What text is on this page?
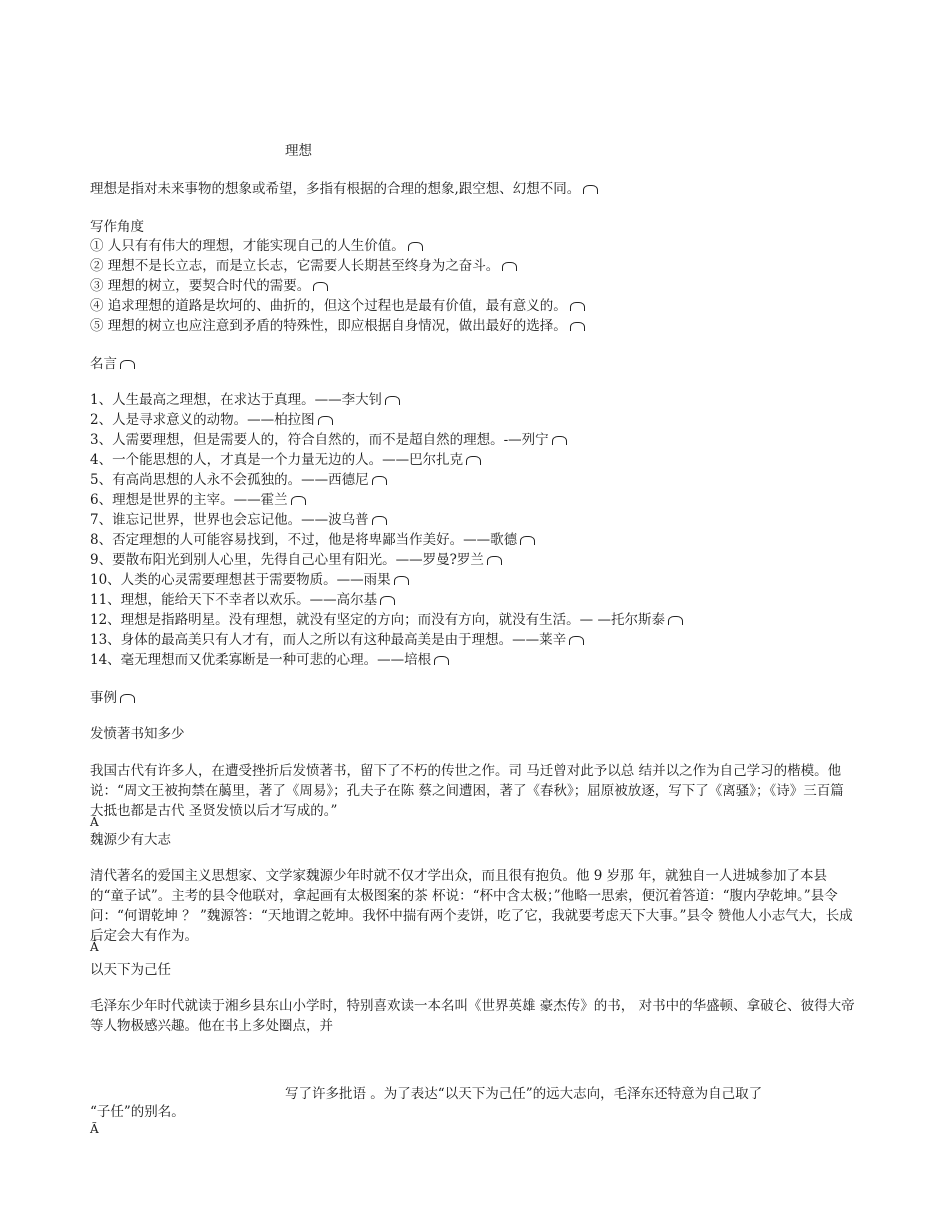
理想
理想是指对未来事物的想象或希望，多指有根据的合理的想象,跟空想、幻想不同。
写作角度
① 人只有有伟大的理想，才能实现自己的人生价值。
② 理想不是长立志，而是立长志，它需要人长期甚至终身为之奋斗。
③ 理想的树立，要契合时代的需要。
④ 追求理想的道路是坎坷的、曲折的，但这个过程也是最有价值，最有意义的。
⑤ 理想的树立也应注意到矛盾的特殊性，即应根据自身情况，做出最好的选择。
名言
1、人生最高之理想，在求达于真理。——李大钊
2、人是寻求意义的动物。——柏拉图
3、人需要理想，但是需要人的，符合自然的，而不是超自然的理想。-—列宁
4、一个能思想的人，才真是一个力量无边的人。——巴尔扎克
5、有高尚思想的人永不会孤独的。——西德尼
6、理想是世界的主宰。——霍兰
7、谁忘记世界，世界也会忘记他。——波乌普
8、否定理想的人可能容易找到，不过，他是将卑鄙当作美好。——歌德
9、要散布阳光到别人心里，先得自己心里有阳光。——罗曼?罗兰
10、人类的心灵需要理想甚于需要物质。——雨果
11、理想，能给天下不幸者以欢乐。——高尔基
12、理想是指路明星。没有理想，就没有坚定的方向；而没有方向，就没有生活。— —托尔斯泰
13、身体的最高美只有人才有，而人之所以有这种最高美是由于理想。——莱辛
14、毫无理想而又优柔寡断是一种可悲的心理。——培根
事例
发愤著书知多少
我国古代有许多人，在遭受挫折后发愤著书，留下了不朽的传世之作。司 马迁曾对此予以总 结并以之作为自己学习的楷模。他说：“周文王被拘禁在﨟里，著了《周易》；孔夫子在陈 蔡之间遭困，著了《春秋》；屈原被放逐，写下了《离骚》；《诗》三百篇大抵也都是古代 圣贤发愤以后才写成的。”
Ã
魏源少有大志
清代著名的爱国主义思想家、文学家魏源少年时就不仅才学出众，而且很有抱负。他 9 岁那 年，就独自一人进城参加了本县的“童子试”。主考的县令他联对，拿起画有太极图案的茶 杯说：“杯中含太极；”他略一思索，便沉着答道：“腹内孕乾坤。”县令问：“何谓乾坤 ？ ”魏源答：“天地谓之乾坤。我怀中揣有两个麦饼，吃了它，我就要考虑天下大事。”县令 赞他人小志气大，长成后定会大有作为。
Ã
以天下为己任
毛泽东少年时代就读于湘乡县东山小学时，特别喜欢读一本名叫《世界英雄 豪杰传》的书， 对书中的华盛顿、拿破仑、彼得大帝等人物极感兴趣。他在书上多处圈点，并
写了许多批语 。为了表达“以天下为己任”的远大志向，毛泽东还特意为自己取了
“子任”的别名。
Ã
